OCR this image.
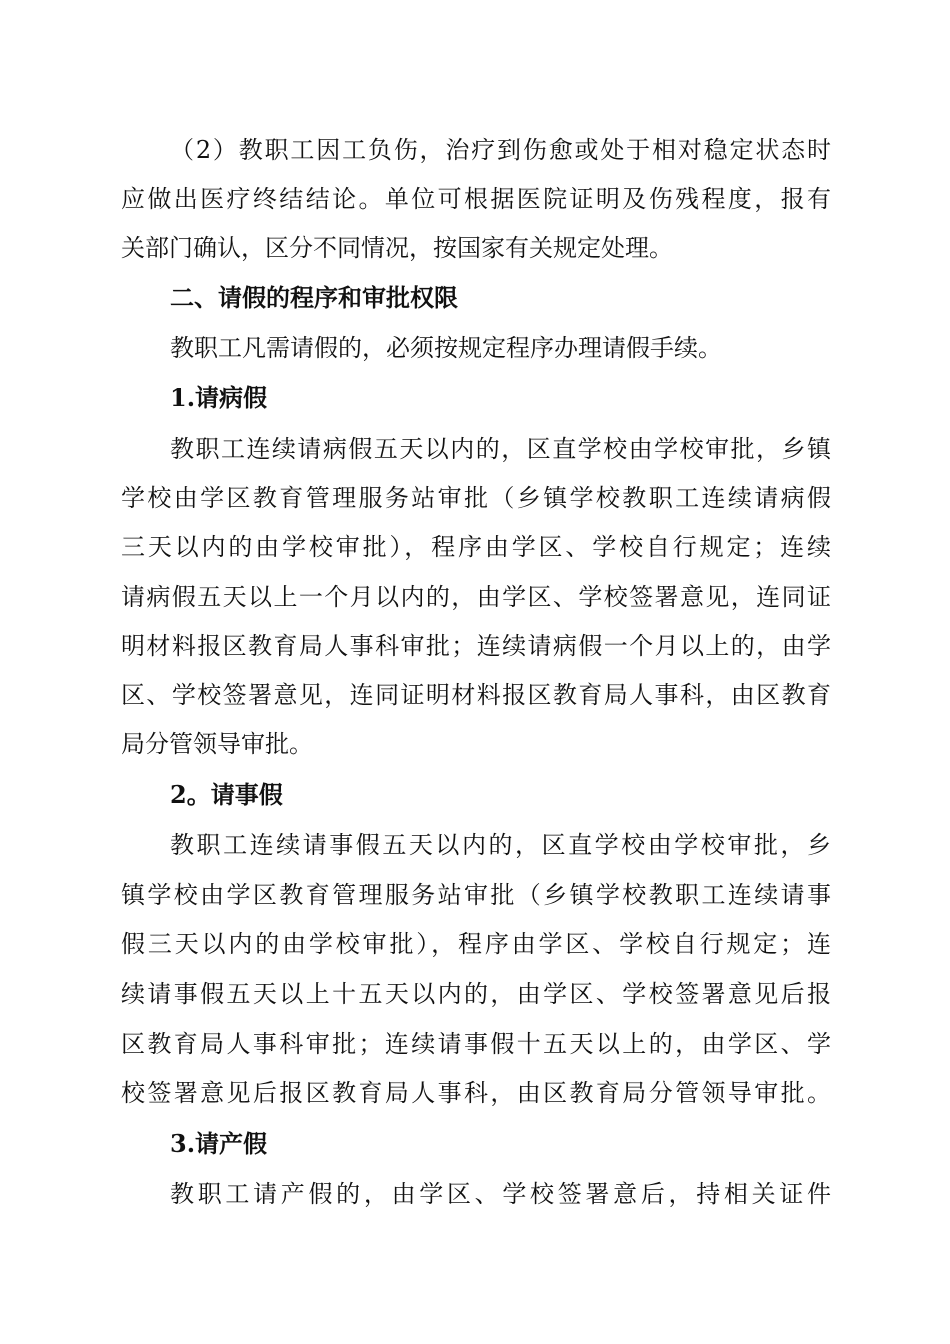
（2）教职工因工负伤，治疗到伤愈或处于相对稳定状态时
应做出医疗终结结论。单位可根据医院证明及伤残程度，报有
关部门确认，区分不同情况，按国家有关规定处理。
二、请假的程序和审批权限
教职工凡需请假的，必须按规定程序办理请假手续。
1.请病假
教职工连续请病假五天以内的，区直学校由学校审批，乡镇
学校由学区教育管理服务站审批（乡镇学校教职工连续请病假
三天以内的由学校审批），程序由学区、学校自行规定；连续
请病假五天以上一个月以内的，由学区、学校签署意见，连同证
明材料报区教育局人事科审批；连续请病假一个月以上的，由学
区、学校签署意见，连同证明材料报区教育局人事科，由区教育
局分管领导审批。
2。请事假
教职工连续请事假五天以内的，区直学校由学校审批，乡
镇学校由学区教育管理服务站审批（乡镇学校教职工连续请事
假三天以内的由学校审批），程序由学区、学校自行规定；连
续请事假五天以上十五天以内的，由学区、学校签署意见后报
区教育局人事科审批；连续请事假十五天以上的，由学区、学
校签署意见后报区教育局人事科，由区教育局分管领导审批。
3.请产假
教职工请产假的，由学区、学校签署意后，持相关证件
